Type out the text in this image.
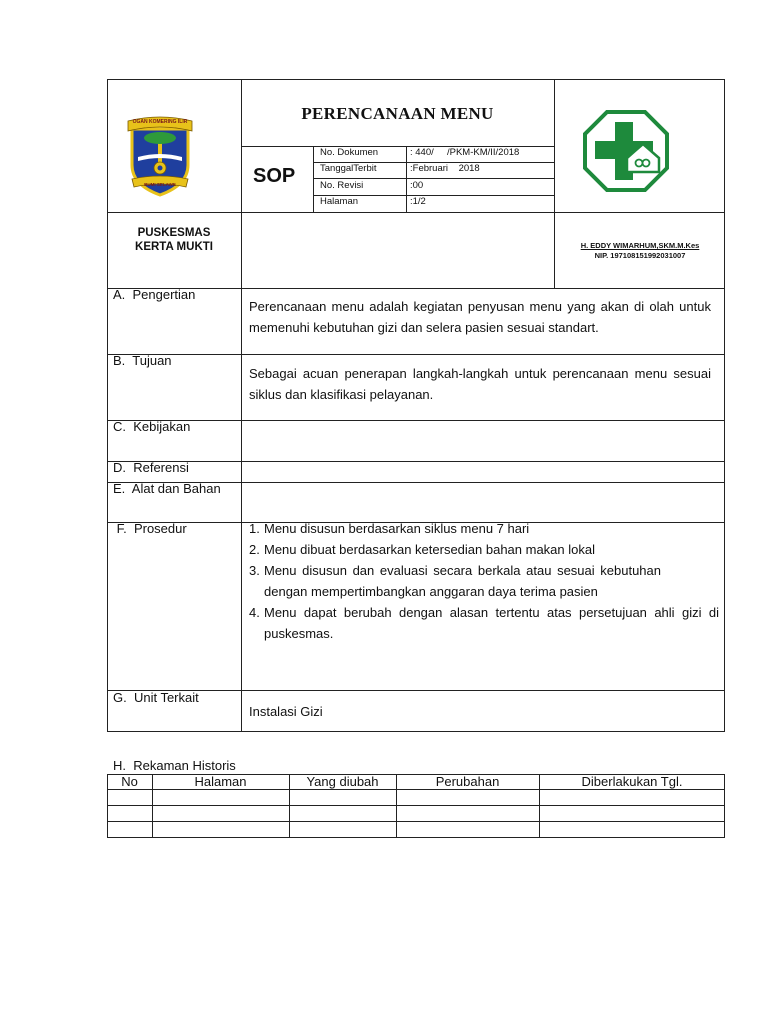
OGAN KOMERING ILIR
BUMI SELAWE
PERENCANAAN MENU
SOP
No. Dokumen	: 440/     /PKM-KM/II/2018
TanggalTerbit	:Februari    2018
No. Revisi	:00
Halaman	:1/2
PUSKESMAS
KERTA MUKTI	H. EDDY WIMARHUM,SKM.M.Kes
NIP. 197108151992031007
A.  Pengertian
Perencanaan menu adalah kegiatan penyusan menu yang akan di olah untuk memenuhi kebutuhan gizi dan selera pasien sesuai standart.
B.  Tujuan
Sebagai acuan penerapan langkah-langkah untuk perencanaan menu sesuai siklus dan klasifikasi pelayanan.
C.  Kebijakan
D.  Referensi
E.  Alat dan Bahan
F.  Prosedur	1. Menu disusun berdasarkan siklus menu 7 hari
2. Menu dibuat berdasarkan ketersedian bahan makan lokal
3. Menu disusun dan evaluasi secara berkala atau sesuai kebutuhan dengan mempertimbangkan anggaran daya terima pasien
4. Menu dapat berubah dengan alasan tertentu atas persetujuan ahli gizi di puskesmas.
G.  Unit Terkait
Instalasi Gizi
H.  Rekaman Historis
No	Halaman	Yang diubah	Perubahan	Diberlakukan Tgl.
